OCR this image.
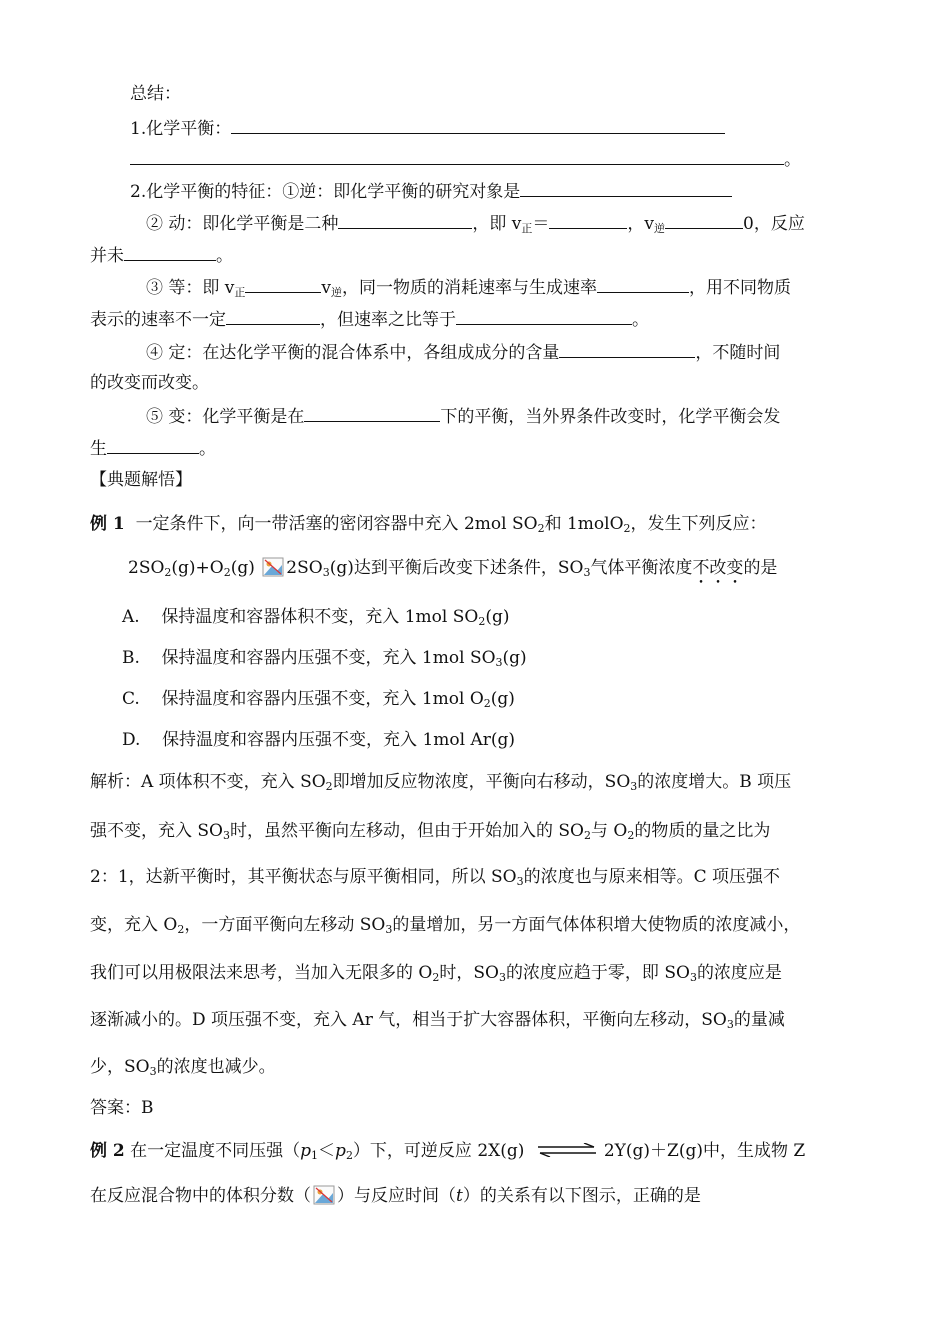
总结：
1.化学平衡：
。
2.化学平衡的特征：①逆：即化学平衡的研究对象是
② 动：即化学平衡是二种	，即 $v_正=$	，$v_逆$	0，反应
并未	。
③ 等：即 $v_正$	$v_逆$，同一物质的消耗速率与生成速率	，用不同物质
表示的速率不一定	，但速率之比等于	。
④ 定：在达化学平衡的混合体系中，各组成成分的含量	，不随时间
的改变而改变。
⑤ 变：化学平衡是在	下的平衡，当外界条件改变时，化学平衡会发
生	。
【典题解悟】
例 1 一定条件下，向一带活塞的密闭容器中充入 2mol $SO_2$和 1molO$_2$，发生下列反应：
$2SO_2(g)+O_2(g)$ $2SO_3(g)$达到平衡后改变下述条件，$SO_3$气体平衡浓度不改变的是
A. 保持温度和容器体积不变，充入 1mol $SO_2(g)$
B. 保持温度和容器内压强不变，充入 1mol $SO_3(g)$
C. 保持温度和容器内压强不变，充入 1mol $O_2(g)$
D. 保持温度和容器内压强不变，充入 1mol Ar(g)
解析：A 项体积不变，充入 $SO_2$即增加反应物浓度，平衡向右移动，$SO_3$的浓度增大。B 项压
强不变，充入 $SO_3$时，虽然平衡向左移动，但由于开始加入的 $SO_2$与 $O_2$的物质的量之比为
2：1，达新平衡时，其平衡状态与原平衡相同，所以 $SO_3$的浓度也与原来相等。C 项压强不
变，充入 $O_2$，一方面平衡向左移动 $SO_3$的量增加，另一方面气体体积增大使物质的浓度减小，
我们可以用极限法来思考，当加入无限多的 $O_2$时，$SO_3$的浓度应趋于零，即 $SO_3$的浓度应是
逐渐减小的。D 项压强不变，充入 Ar 气，相当于扩大容器体积，平衡向左移动，$SO_3$的量减
少，$SO_3$的浓度也减少。
答案：B
例 2 在一定温度不同压强$(p_1<p_2)$下，可逆反应 2X(g) ⇌ 2Y(g)＋Z(g)中，生成物 Z
在反应混合物中的体积分数（ ）与反应时间（t）的关系有以下图示，正确的是
